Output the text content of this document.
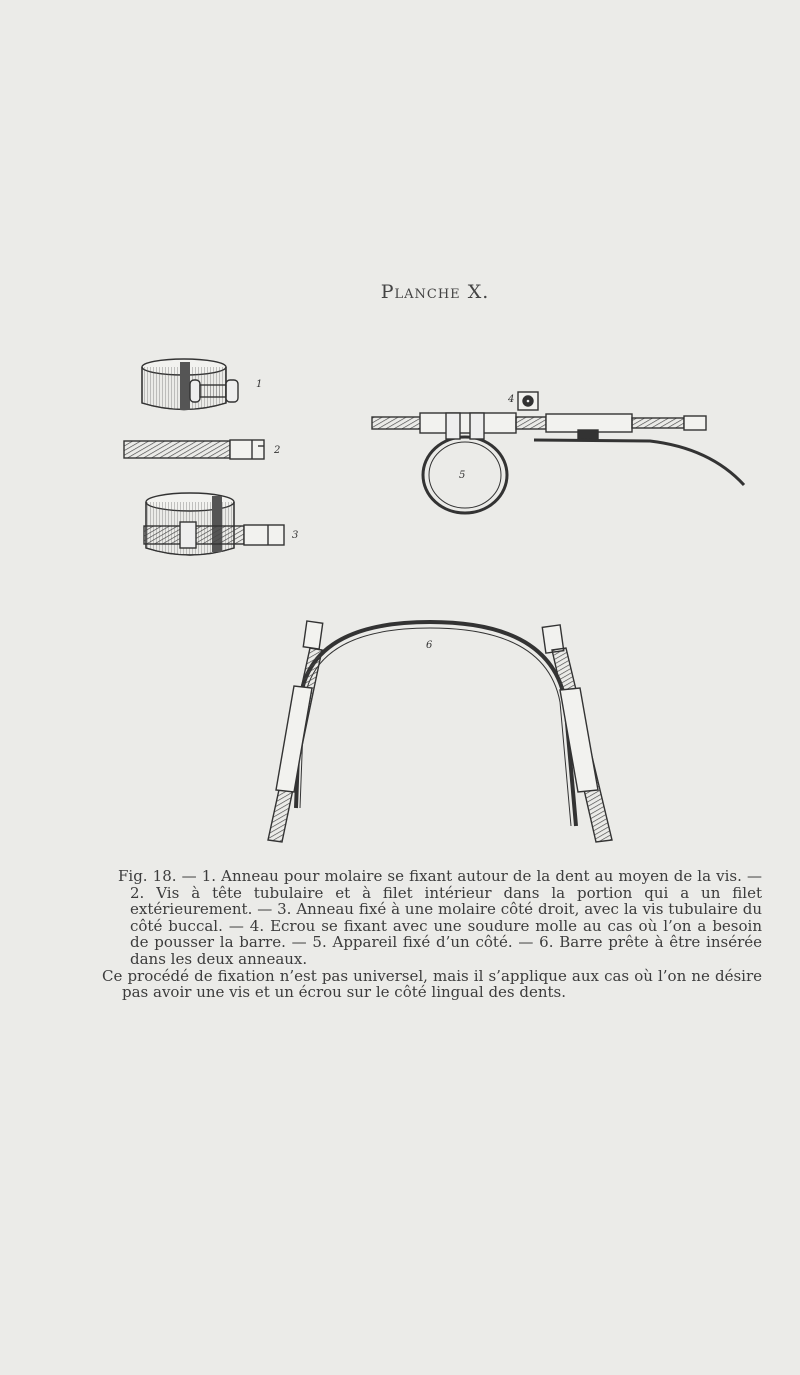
Planche X.
1
2
3
4
5
6

Fig. 18. — 1. Anneau pour molaire se fixant autour de la dent au moyen de la vis. — 2. Vis à tête tubulaire et à filet intérieur dans la portion qui a un filet extérieurement. — 3. Anneau fixé à une molaire côté droit, avec la vis tubulaire du côté buccal. — 4. Ecrou se fixant avec une soudure molle au cas où l’on a besoin de pousser la barre. — 5. Appareil fixé d’un côté. — 6. Barre prête à être insérée dans les deux anneaux.

Ce procédé de fixation n’est pas universel, mais il s’applique aux cas où l’on ne désire pas avoir une vis et un écrou sur le côté lingual des dents.
